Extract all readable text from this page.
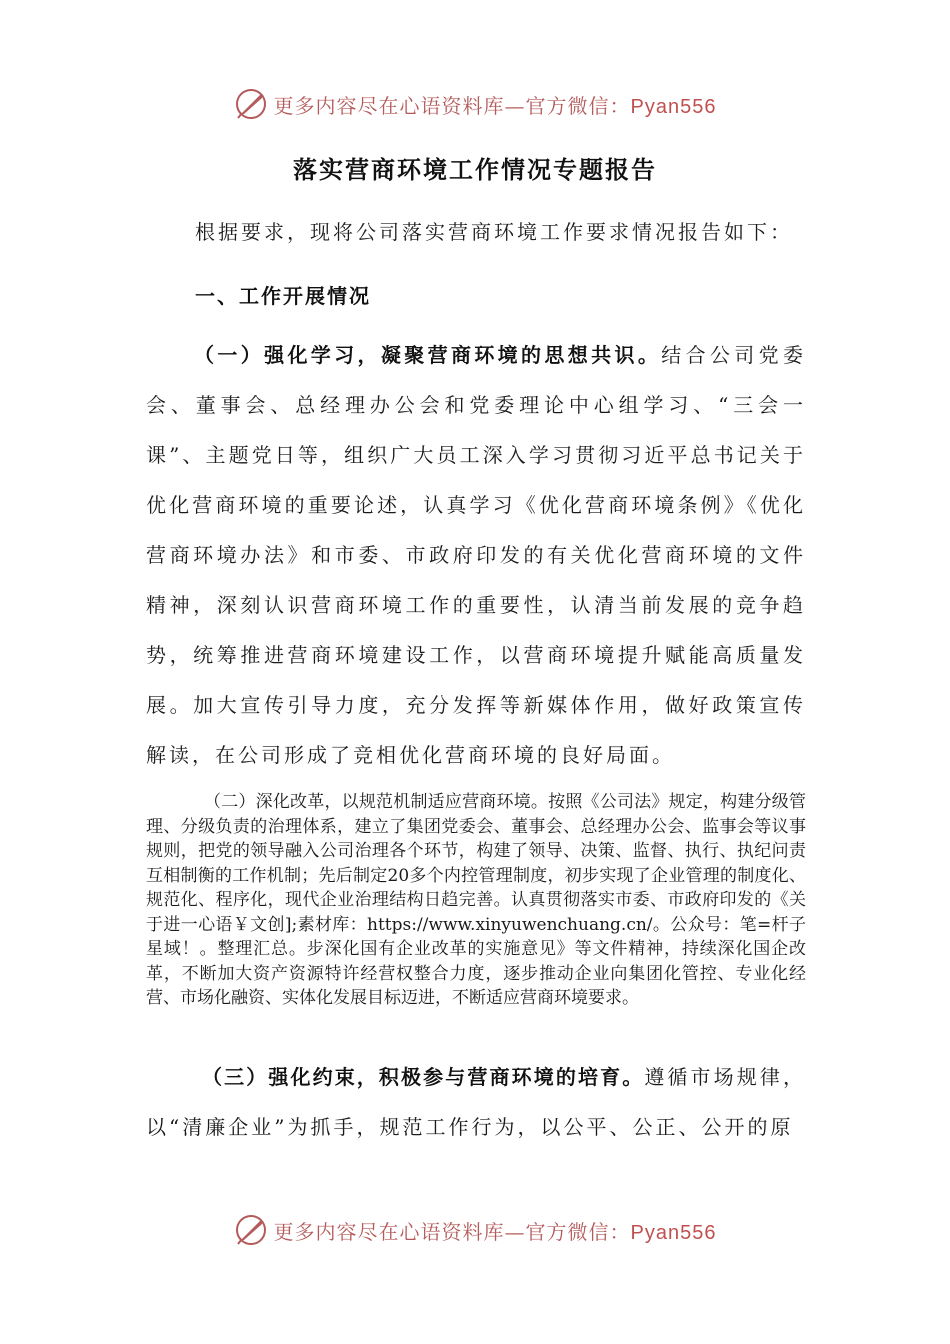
更多内容尽在心语资料库—官方微信：Pyan556
落实营商环境工作情况专题报告
根据要求，现将公司落实营商环境工作要求情况报告如下：
一、工作开展情况
（一）强化学习，凝聚营商环境的思想共识。结合公司党委会、董事会、总经理办公会和党委理论中心组学习、“三会一课”、主题党日等，组织广大员工深入学习贯彻习近平总书记关于优化营商环境的重要论述，认真学习《优化营商环境条例》《优化营商环境办法》和市委、市政府印发的有关优化营商环境的文件精神，深刻认识营商环境工作的重要性，认清当前发展的竞争趋势，统筹推进营商环境建设工作，以营商环境提升赋能高质量发展。加大宣传引导力度，充分发挥等新媒体作用，做好政策宣传解读，在公司形成了竞相优化营商环境的良好局面。
（二）深化改革，以规范机制适应营商环境。按照《公司法》规定，构建分级管理、分级负责的治理体系，建立了集团党委会、董事会、总经理办公会、监事会等议事规则，把党的领导融入公司治理各个环节，构建了领导、决策、监督、执行、执纪问责互相制衡的工作机制；先后制定20多个内控管理制度，初步实现了企业管理的制度化、规范化、程序化，现代企业治理结构日趋完善。认真贯彻落实市委、市政府印发的《关于进一心语￥文创];素材库：https://www.xinyuwenchuang.cn/。公众号：笔=杆子星域！。整理汇总。步深化国有企业改革的实施意见》等文件精神，持续深化国企改革，不断加大资产资源特许经营权整合力度，逐步推动企业向集团化管控、专业化经营、市场化融资、实体化发展目标迈进，不断适应营商环境要求。
（三）强化约束，积极参与营商环境的培育。遵循市场规律，以“清廉企业”为抓手，规范工作行为，以公平、公正、公开的原
更多内容尽在心语资料库—官方微信：Pyan556
